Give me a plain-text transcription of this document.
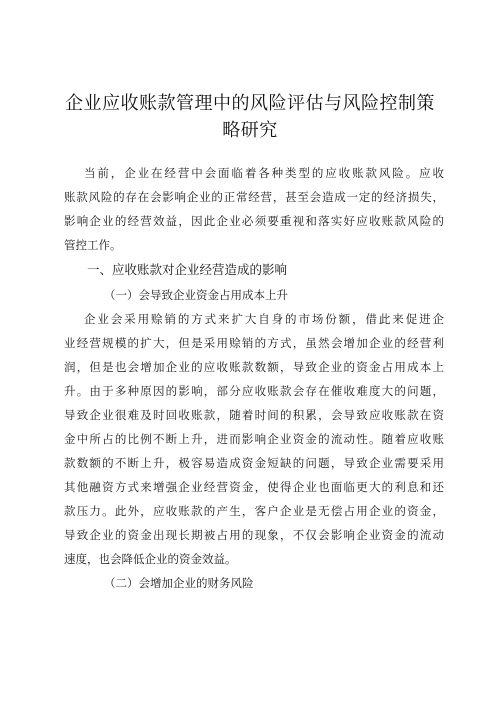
企业应收账款管理中的风险评估与风险控制策
略研究
当前，企业在经营中会面临着各种类型的应收账款风险。应收
账款风险的存在会影响企业的正常经营，甚至会造成一定的经济损失，
影响企业的经营效益，因此企业必须要重视和落实好应收账款风险的
管控工作。
一、应收账款对企业经营造成的影响
（一）会导致企业资金占用成本上升
企业会采用赊销的方式来扩大自身的市场份额，借此来促进企
业经营规模的扩大，但是采用赊销的方式，虽然会增加企业的经营利
润，但是也会增加企业的应收账款数额，导致企业的资金占用成本上
升。由于多种原因的影响，部分应收账款会存在催收难度大的问题，
导致企业很难及时回收账款，随着时间的积累，会导致应收账款在资
金中所占的比例不断上升，进而影响企业资金的流动性。随着应收账
款数额的不断上升，极容易造成资金短缺的问题，导致企业需要采用
其他融资方式来增强企业经营资金，使得企业也面临更大的利息和还
款压力。此外，应收账款的产生，客户企业是无偿占用企业的资金，
导致企业的资金出现长期被占用的现象，不仅会影响企业资金的流动
速度，也会降低企业的资金效益。
（二）会增加企业的财务风险
